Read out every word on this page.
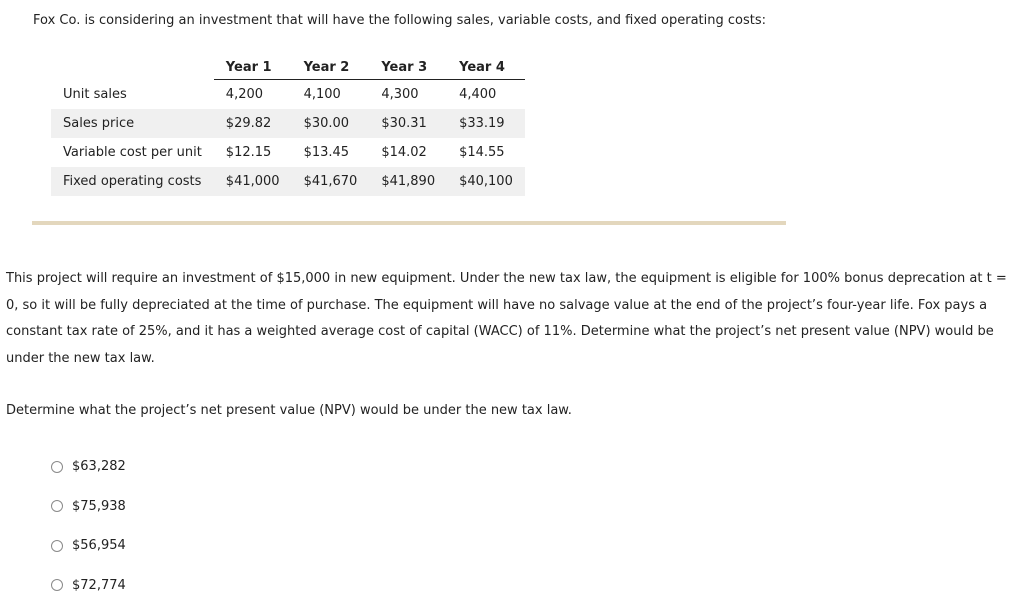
Fox Co. is considering an investment that will have the following sales, variable costs, and fixed operating costs:
	Year 1	Year 2	Year 3	Year 4
Unit sales	4,200	4,100	4,300	4,400
Sales price	$29.82	$30.00	$30.31	$33.19
Variable cost per unit	$12.15	$13.45	$14.02	$14.55
Fixed operating costs	$41,000	$41,670	$41,890	$40,100

This project will require an investment of $15,000 in new equipment. Under the new tax law, the equipment is eligible for 100% bonus deprecation at t = 0, so it will be fully depreciated at the time of purchase. The equipment will have no salvage value at the end of the project’s four-year life. Fox pays a constant tax rate of 25%, and it has a weighted average cost of capital (WACC) of 11%. Determine what the project’s net present value (NPV) would be under the new tax law.

Determine what the project’s net present value (NPV) would be under the new tax law.

$63,282
$75,938
$56,954
$72,774
